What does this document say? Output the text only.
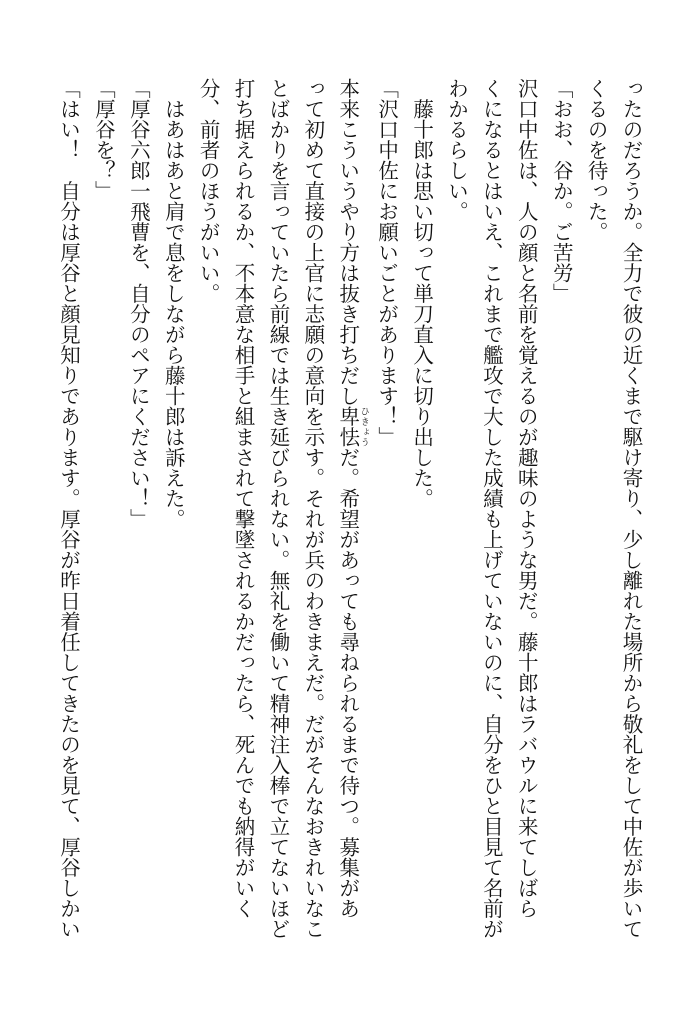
ったのだろうか。全力で彼の近くまで駆け寄り、少し離れた場所から敬礼をして中佐が歩いて
くるのを待った。
「おお、谷か。ご苦労」
沢口中佐は、人の顔と名前を覚えるのが趣味のような男だ。藤十郎はラバウルに来てしばら
くになるとはいえ、これまで艦攻で大した成績も上げていないのに、自分をひと目見て名前が
わかるらしい。
　藤十郎は思い切って単刀直入に切り出した。
「沢口中佐にお願いごとがあります！」
本来こういうやり方は抜き打ちだし卑怯 ひきょうだ。希望があっても尋ねられるまで待つ。募集があ
って初めて直接の上官に志願の意向を示す。それが兵のわきまえだ。だがそんなおきれいなこ
とばかりを言っていたら前線では生き延びられない。無礼を働いて精神注入棒で立てないほど
打ち据えられるか、不本意な相手と組まされて撃墜されるかだったら、死んでも納得がいく
分、前者のほうがいい。
　はあはあと肩で息をしながら藤十郎は訴えた。
「厚谷六郎一飛曹を、自分のペアにください！」
「厚谷を？」
「はい！　自分は厚谷と顔見知りであります。厚谷が昨日着任してきたのを見て、厚谷しかい
